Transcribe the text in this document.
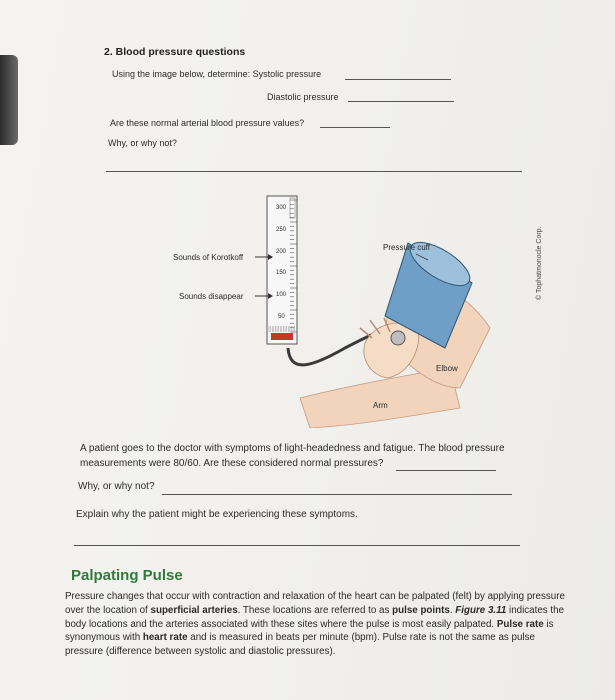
2. Blood pressure questions
Using the image below, determine: Systolic pressure
Diastolic pressure
Are these normal arterial blood pressure values?
Why, or why not?
300
250
200
150
100
50
Sounds of Korotkoff
Sounds disappear
Pressure cuff
Elbow
Arm
© Tophatmonocle Corp.
A patient goes to the doctor with symptoms of light-headedness and fatigue. The blood pressure measurements were 80/60. Are these considered normal pressures?
Why, or why not?
Explain why the patient might be experiencing these symptoms.
Palpating Pulse
Pressure changes that occur with contraction and relaxation of the heart can be palpated (felt) by applying pressure over the location of superficial arteries. These locations are referred to as pulse points. Figure 3.11 indicates the body locations and the arteries associated with these sites where the pulse is most easily palpated. Pulse rate is synonymous with heart rate and is measured in beats per minute (bpm). Pulse rate is not the same as pulse pressure (difference between systolic and diastolic pressures).
